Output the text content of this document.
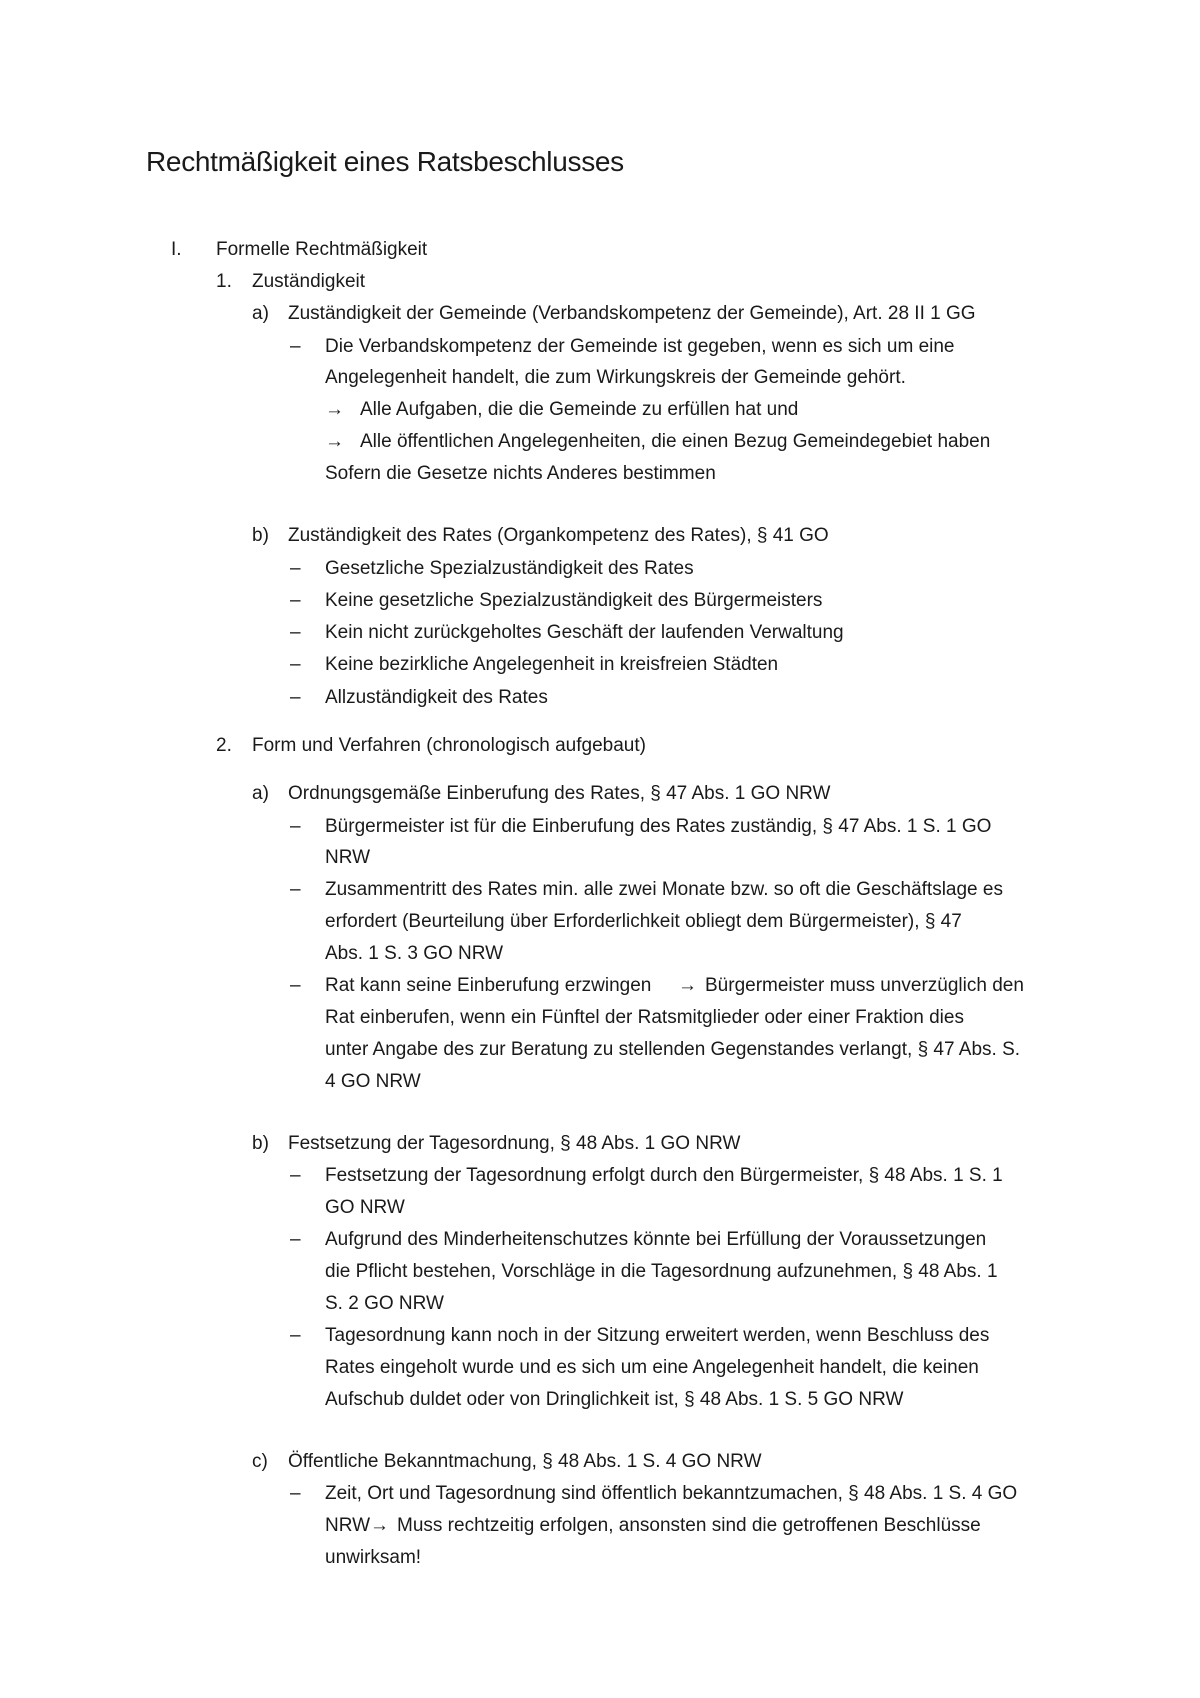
Rechtmäßigkeit eines Ratsbeschlusses
I. Formelle Rechtmäßigkeit
1. Zuständigkeit
a) Zuständigkeit der Gemeinde (Verbandskompetenz der Gemeinde), Art. 28 II 1 GG
– Die Verbandskompetenz der Gemeinde ist gegeben, wenn es sich um eine
Angelegenheit handelt, die zum Wirkungskreis der Gemeinde gehört.
→ Alle Aufgaben, die die Gemeinde zu erfüllen hat und
→ Alle öffentlichen Angelegenheiten, die einen Bezug Gemeindegebiet haben
Sofern die Gesetze nichts Anderes bestimmen
b) Zuständigkeit des Rates (Organkompetenz des Rates), § 41 GO
– Gesetzliche Spezialzuständigkeit des Rates
– Keine gesetzliche Spezialzuständigkeit des Bürgermeisters
– Kein nicht zurückgeholtes Geschäft der laufenden Verwaltung
– Keine bezirkliche Angelegenheit in kreisfreien Städten
– Allzuständigkeit des Rates
2. Form und Verfahren (chronologisch aufgebaut)
a) Ordnungsgemäße Einberufung des Rates, § 47 Abs. 1 GO NRW
– Bürgermeister ist für die Einberufung des Rates zuständig, § 47 Abs. 1 S. 1 GO
NRW
– Zusammentritt des Rates min. alle zwei Monate bzw. so oft die Geschäftslage es
erfordert (Beurteilung über Erforderlichkeit obliegt dem Bürgermeister), § 47
Abs. 1 S. 3 GO NRW
– Rat kann seine Einberufung erzwingen → Bürgermeister muss unverzüglich den
Rat einberufen, wenn ein Fünftel der Ratsmitglieder oder einer Fraktion dies
unter Angabe des zur Beratung zu stellenden Gegenstandes verlangt, § 47 Abs. S.
4 GO NRW
b) Festsetzung der Tagesordnung, § 48 Abs. 1 GO NRW
– Festsetzung der Tagesordnung erfolgt durch den Bürgermeister, § 48 Abs. 1 S. 1
GO NRW
– Aufgrund des Minderheitenschutzes könnte bei Erfüllung der Voraussetzungen
die Pflicht bestehen, Vorschläge in die Tagesordnung aufzunehmen, § 48 Abs. 1
S. 2 GO NRW
– Tagesordnung kann noch in der Sitzung erweitert werden, wenn Beschluss des
Rates eingeholt wurde und es sich um eine Angelegenheit handelt, die keinen
Aufschub duldet oder von Dringlichkeit ist, § 48 Abs. 1 S. 5 GO NRW
c) Öffentliche Bekanntmachung, § 48 Abs. 1 S. 4 GO NRW
– Zeit, Ort und Tagesordnung sind öffentlich bekanntzumachen, § 48 Abs. 1 S. 4 GO
NRW → Muss rechtzeitig erfolgen, ansonsten sind die getroffenen Beschlüsse
unwirksam!
